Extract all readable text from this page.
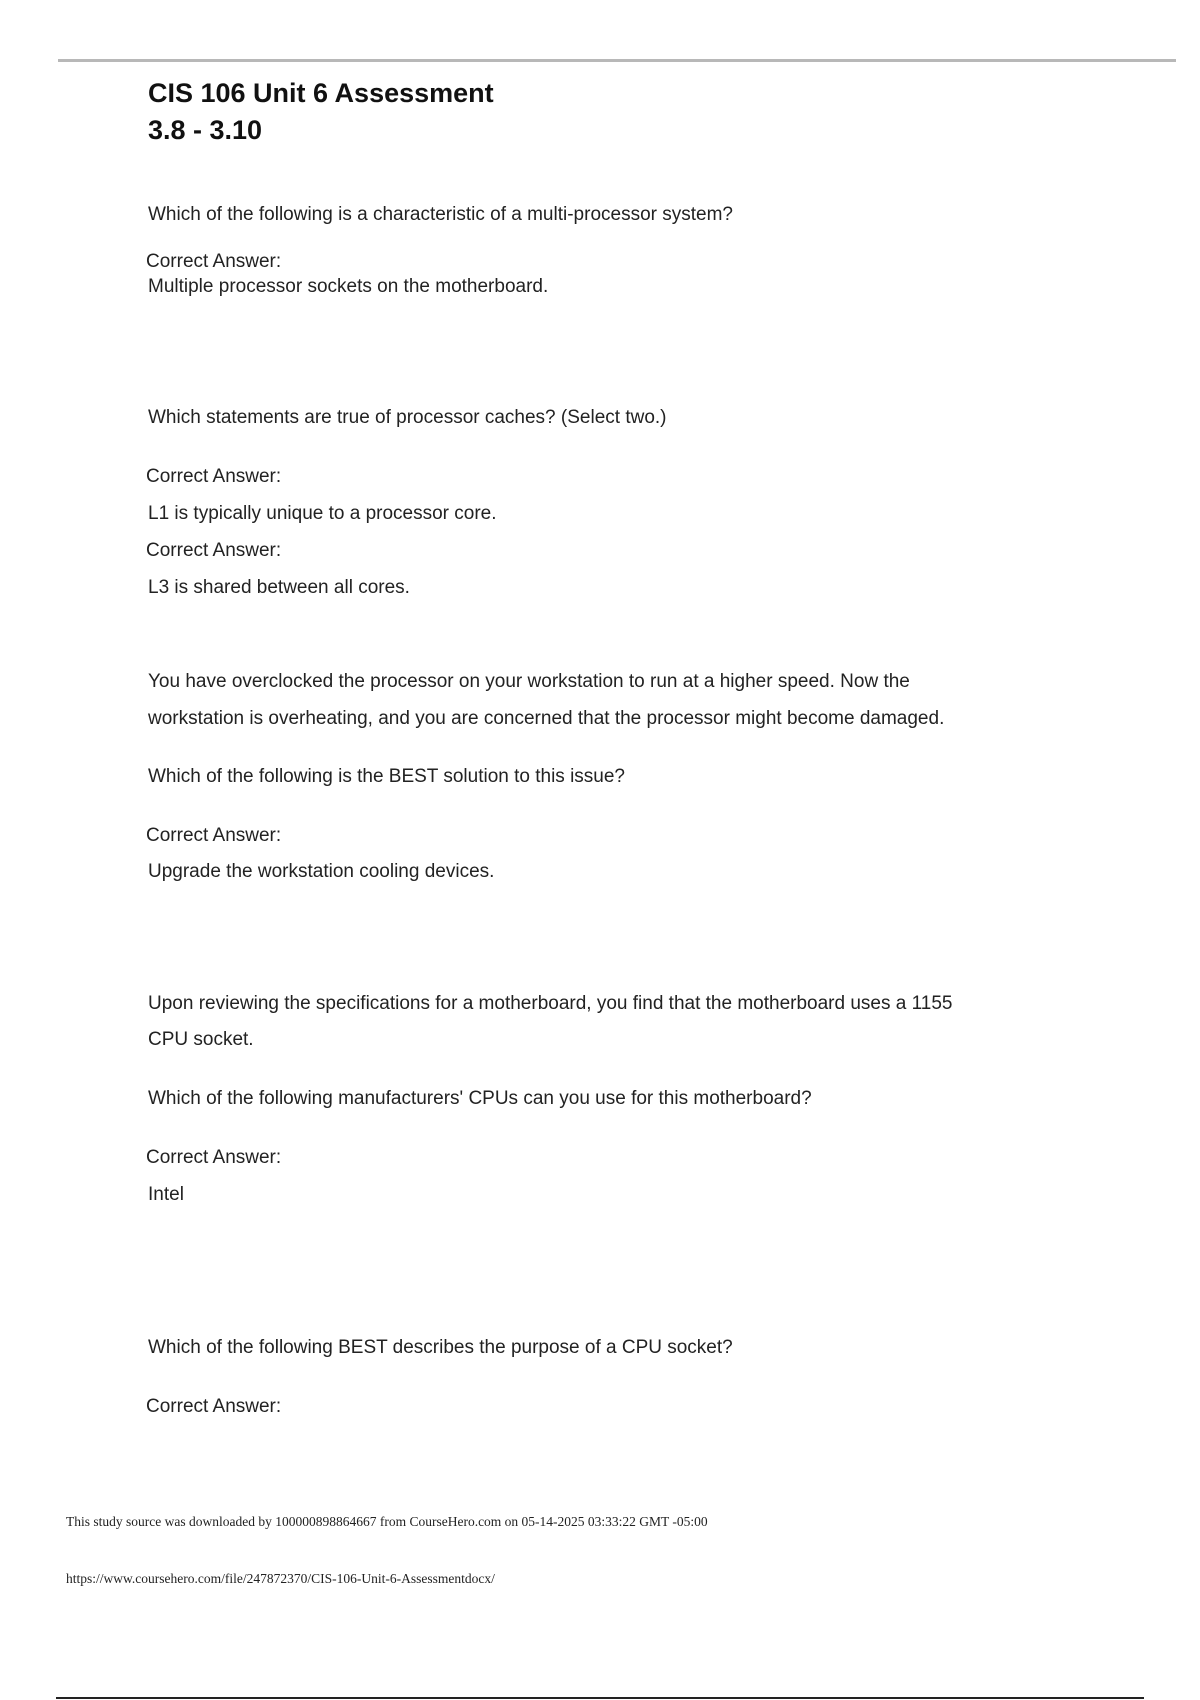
CIS 106 Unit 6 Assessment
3.8 - 3.10

Which of the following is a characteristic of a multi-processor system?

Correct Answer:

Multiple processor sockets on the motherboard.

Which statements are true of processor caches? (Select two.)

Correct Answer:

L1 is typically unique to a processor core.

Correct Answer:

L3 is shared between all cores.

You have overclocked the processor on your workstation to run at a higher speed. Now the

workstation is overheating, and you are concerned that the processor might become damaged.

Which of the following is the BEST solution to this issue?

Correct Answer:

Upgrade the workstation cooling devices.

Upon reviewing the specifications for a motherboard, you find that the motherboard uses a 1155

CPU socket.

Which of the following manufacturers' CPUs can you use for this motherboard?

Correct Answer:

Intel

Which of the following BEST describes the purpose of a CPU socket?

Correct Answer:

This study source was downloaded by 100000898864667 from CourseHero.com on 05-14-2025 03:33:22 GMT -05:00
https://www.coursehero.com/file/247872370/CIS-106-Unit-6-Assessmentdocx/
